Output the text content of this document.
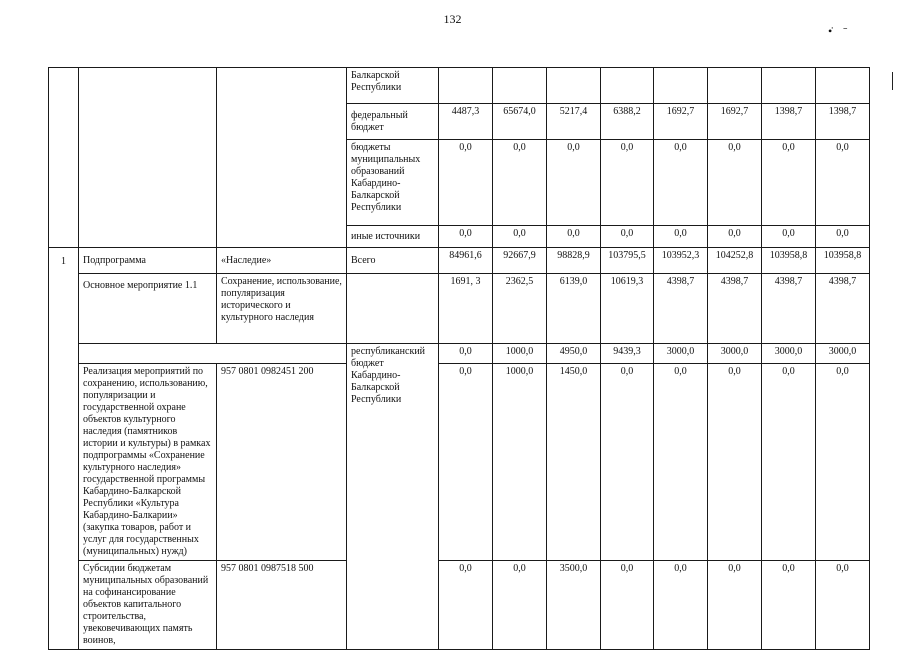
132
•̇ ̄
			Балкарской Республики								
			федеральный бюджет	4487,3	65674,0	5217,4	6388,2	1692,7	1692,7	1398,7	1398,7
			бюджеты муниципальных образований Кабардино-Балкарской Республики	0,0	0,0	0,0	0,0	0,0	0,0	0,0	0,0
			иные источники	0,0	0,0	0,0	0,0	0,0	0,0	0,0	0,0
1	Подпрограмма	«Наследие»	Всего	84961,6	92667,9	98828,9	103795,5	103952,3	104252,8	103958,8	103958,8
	Основное мероприятие 1.1	Сохранение, использование, популяризация исторического и культурного наследия		1691, 3	2362,5	6139,0	10619,3	4398,7	4398,7	4398,7	4398,7
			республиканский бюджет Кабардино-Балкарской Республики	0,0	1000,0	4950,0	9439,3	3000,0	3000,0	3000,0	3000,0
	Реализация мероприятий по сохранению, использованию, популяризации и государственной охране объектов культурного наследия (памятников истории и культуры) в рамках подпрограммы «Сохранение культурного наследия» государственной программы Кабардино-Балкарской Республики «Культура Кабардино-Балкарии» (закупка товаров, работ и услуг для государственных (муниципальных) нужд)	957 0801 0982451 200		0,0	1000,0	1450,0	0,0	0,0	0,0	0,0	0,0
	Субсидии бюджетам муниципальных образований на софинансирование объектов капитального строительства, увековечивающих память воинов,	957 0801 0987518 500		0,0	0,0	3500,0	0,0	0,0	0,0	0,0	0,0
